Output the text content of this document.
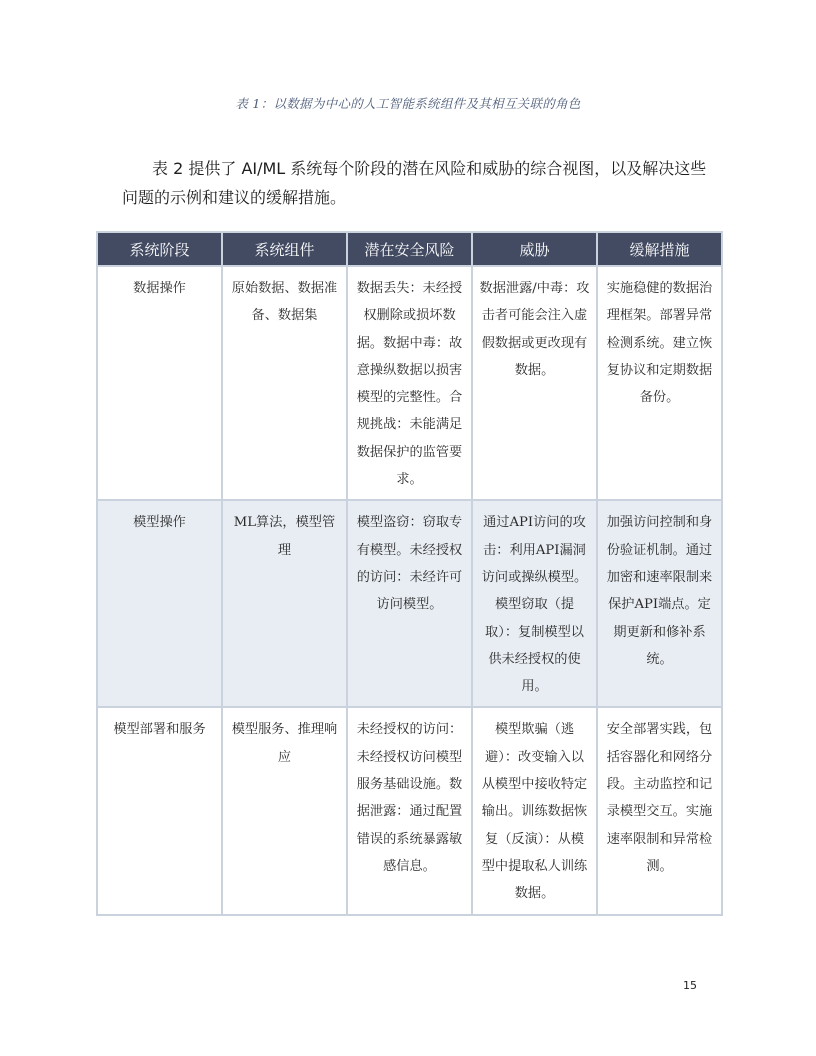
表 1：以数据为中心的人工智能系统组件及其相互关联的角色

表 2 提供了 AI/ML 系统每个阶段的潜在风险和威胁的综合视图，以及解决这些问题的示例和建议的缓解措施。

系统阶段	系统组件	潜在安全风险	威胁	缓解措施
数据操作	原始数据、数据准备、数据集	数据丢失：未经授权删除或损坏数据。数据中毒：故意操纵数据以损害模型的完整性。合规挑战：未能满足数据保护的监管要求。	数据泄露/中毒：攻击者可能会注入虚假数据或更改现有数据。	实施稳健的数据治理框架。部署异常检测系统。建立恢复协议和定期数据备份。
模型操作	ML算法，模型管理	模型盗窃：窃取专有模型。未经授权的访问：未经许可访问模型。	通过API访问的攻击：利用API漏洞访问或操纵模型。模型窃取（提取）：复制模型以供未经授权的使用。	加强访问控制和身份验证机制。通过加密和速率限制来保护API端点。定期更新和修补系统。
模型部署和服务	模型服务、推理响应	未经授权的访问：未经授权访问模型服务基础设施。数据泄露：通过配置错误的系统暴露敏感信息。	模型欺骗（逃避）：改变输入以从模型中接收特定输出。训练数据恢复（反演）：从模型中提取私人训练数据。	安全部署实践，包括容器化和网络分段。主动监控和记录模型交互。实施速率限制和异常检测。
15
